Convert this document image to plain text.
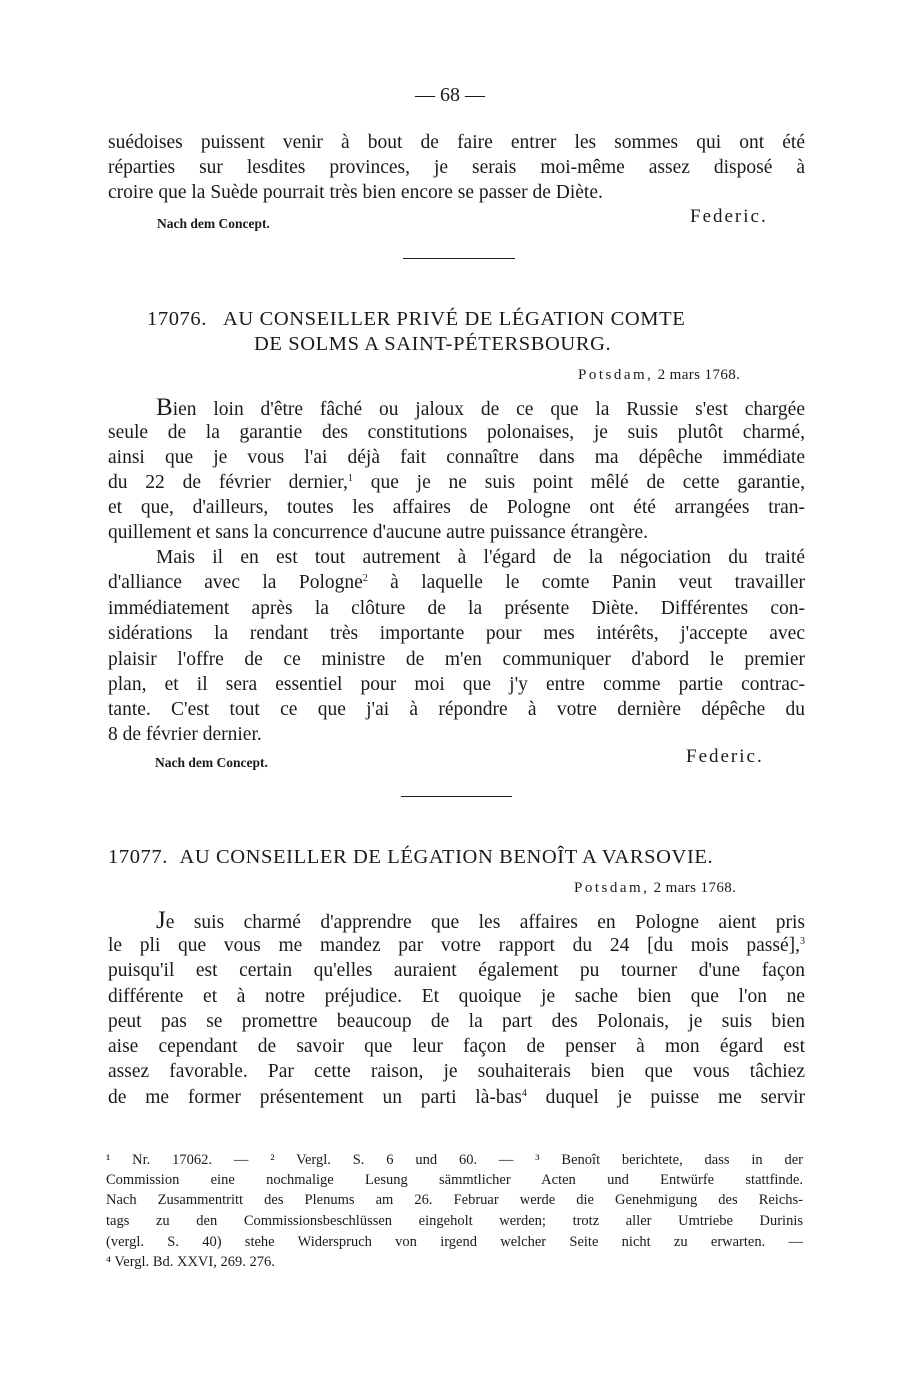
— 68 —
suédoises puissent venir à bout de faire entrer les sommes qui ont été
réparties sur lesdites provinces, je serais moi-même assez disposé à
croire que la Suède pourrait très bien encore se passer de Diète.
Nach dem Concept.	Federic.
17076. AU CONSEILLER PRIVÉ DE LÉGATION COMTE
DE SOLMS A SAINT-PÉTERSBOURG.
Potsdam, 2 mars 1768.
Bien loin d'être fâché ou jaloux de ce que la Russie s'est chargée
seule de la garantie des constitutions polonaises, je suis plutôt charmé,
ainsi que je vous l'ai déjà fait connaître dans ma dépêche immédiate
du 22 de février dernier,$^1$ que je ne suis point mêlé de cette garantie,
et que, d'ailleurs, toutes les affaires de Pologne ont été arrangées tran-
quillement et sans la concurrence d'aucune autre puissance étrangère.
Mais il en est tout autrement à l'égard de la négociation du traité
d'alliance avec la Pologne$^2$ à laquelle le comte Panin veut travailler
immédiatement après la clôture de la présente Diète. Différentes con-
sidérations la rendant très importante pour mes intérêts, j'accepte avec
plaisir l'offre de ce ministre de m'en communiquer d'abord le premier
plan, et il sera essentiel pour moi que j'y entre comme partie contrac-
tante. C'est tout ce que j'ai à répondre à votre dernière dépêche du
8 de février dernier.
Nach dem Concept.	Federic.
17077. AU CONSEILLER DE LÉGATION BENOÎT A VARSOVIE.
Potsdam, 2 mars 1768.
Je suis charmé d'apprendre que les affaires en Pologne aient pris
le pli que vous me mandez par votre rapport du 24 [du mois passé],$^3$
puisqu'il est certain qu'elles auraient également pu tourner d'une façon
différente et à notre préjudice. Et quoique je sache bien que l'on ne
peut pas se promettre beaucoup de la part des Polonais, je suis bien
aise cependant de savoir que leur façon de penser à mon égard est
assez favorable. Par cette raison, je souhaiterais bien que vous tâchiez
de me former présentement un parti là-bas$^4$ duquel je puisse me servir
¹ Nr. 17062. — ² Vergl. S. 6 und 60. — ³ Benoît berichtete, dass in der
Commission eine nochmalige Lesung sämmtlicher Acten und Entwürfe stattfinde.
Nach Zusammentritt des Plenums am 26. Februar werde die Genehmigung des Reichs-
tags zu den Commissionsbeschlüssen eingeholt werden; trotz aller Umtriebe Durinis
(vergl. S. 40) stehe Widerspruch von irgend welcher Seite nicht zu erwarten. —
⁴ Vergl. Bd. XXVI, 269. 276.
